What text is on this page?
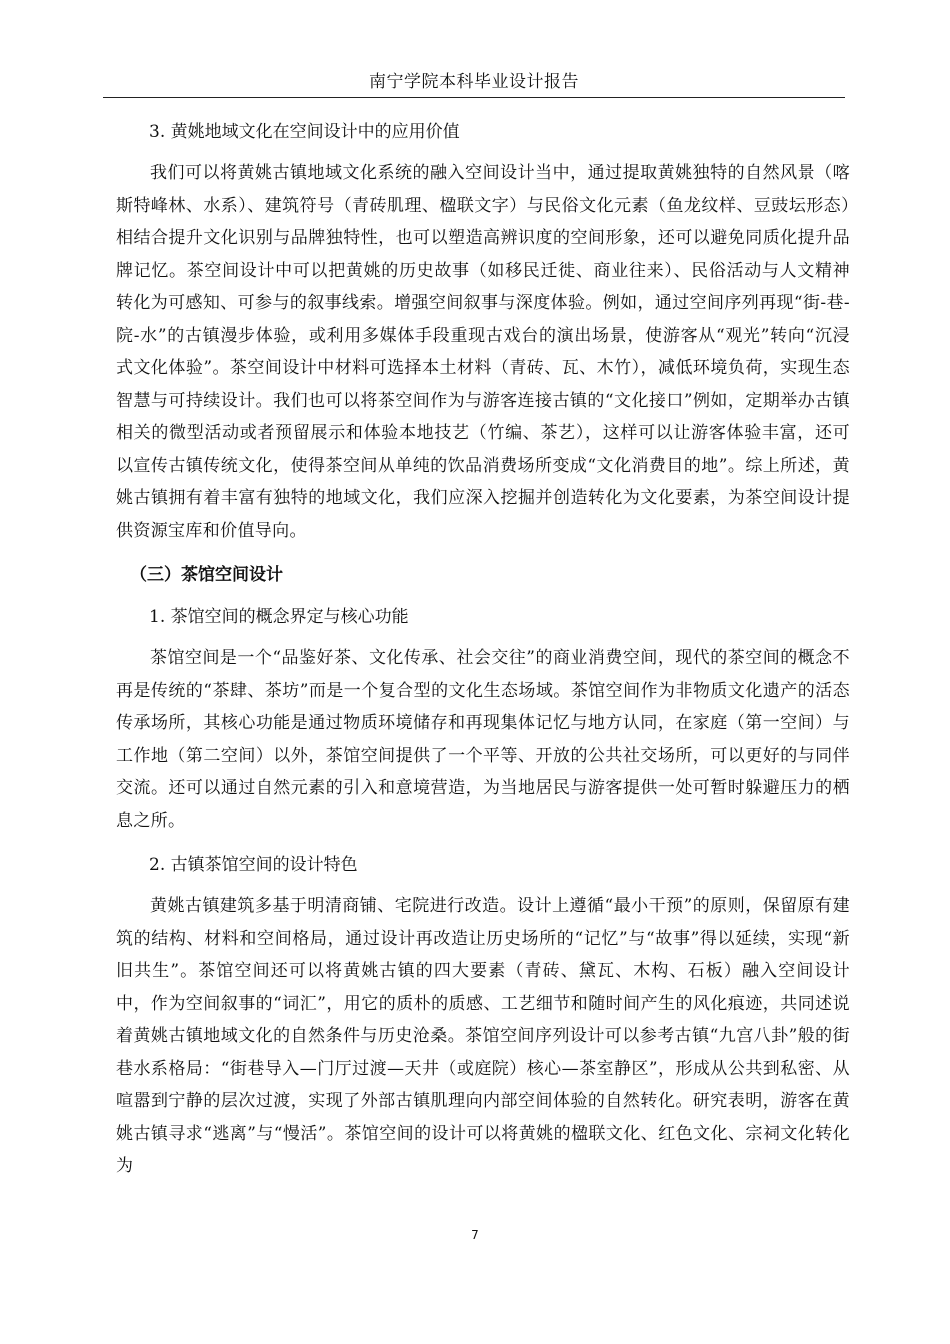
南宁学院本科毕业设计报告

3. 黄姚地域文化在空间设计中的应用价值

我们可以将黄姚古镇地域文化系统的融入空间设计当中，通过提取黄姚独特的自然风景（喀斯特峰林、水系）、建筑符号（青砖肌理、楹联文字）与民俗文化元素（鱼龙纹样、豆豉坛形态）相结合提升文化识别与品牌独特性，也可以塑造高辨识度的空间形象，还可以避免同质化提升品牌记忆。茶空间设计中可以把黄姚的历史故事（如移民迁徙、商业往来）、民俗活动与人文精神转化为可感知、可参与的叙事线索。增强空间叙事与深度体验。例如，通过空间序列再现“街-巷-院-水”的古镇漫步体验，或利用多媒体手段重现古戏台的演出场景，使游客从“观光”转向“沉浸式文化体验”。茶空间设计中材料可选择本土材料（青砖、瓦、木竹），减低环境负荷，实现生态智慧与可持续设计。我们也可以将茶空间作为与游客连接古镇的“文化接口”例如，定期举办古镇相关的微型活动或者预留展示和体验本地技艺（竹编、茶艺），这样可以让游客体验丰富，还可以宣传古镇传统文化，使得茶空间从单纯的饮品消费场所变成“文化消费目的地”。综上所述，黄姚古镇拥有着丰富有独特的地域文化，我们应深入挖掘并创造转化为文化要素，为茶空间设计提供资源宝库和价值导向。

（三）茶馆空间设计

1. 茶馆空间的概念界定与核心功能

茶馆空间是一个“品鉴好茶、文化传承、社会交往”的商业消费空间，现代的茶空间的概念不再是传统的“茶肆、茶坊”而是一个复合型的文化生态场域。茶馆空间作为非物质文化遗产的活态传承场所，其核心功能是通过物质环境储存和再现集体记忆与地方认同，在家庭（第一空间）与工作地（第二空间）以外，茶馆空间提供了一个平等、开放的公共社交场所，可以更好的与同伴交流。还可以通过自然元素的引入和意境营造，为当地居民与游客提供一处可暂时躲避压力的栖息之所。

2. 古镇茶馆空间的设计特色

黄姚古镇建筑多基于明清商铺、宅院进行改造。设计上遵循“最小干预”的原则，保留原有建筑的结构、材料和空间格局，通过设计再改造让历史场所的“记忆”与“故事”得以延续，实现“新旧共生”。茶馆空间还可以将黄姚古镇的四大要素（青砖、黛瓦、木构、石板）融入空间设计中，作为空间叙事的“词汇”，用它的质朴的质感、工艺细节和随时间产生的风化痕迹，共同述说着黄姚古镇地域文化的自然条件与历史沧桑。茶馆空间序列设计可以参考古镇“九宫八卦”般的街巷水系格局：“街巷导入—门厅过渡—天井（或庭院）核心—茶室静区”，形成从公共到私密、从喧嚣到宁静的层次过渡，实现了外部古镇肌理向内部空间体验的自然转化。研究表明，游客在黄姚古镇寻求“逃离”与“慢活”。茶馆空间的设计可以将黄姚的楹联文化、红色文化、宗祠文化转化为

7
